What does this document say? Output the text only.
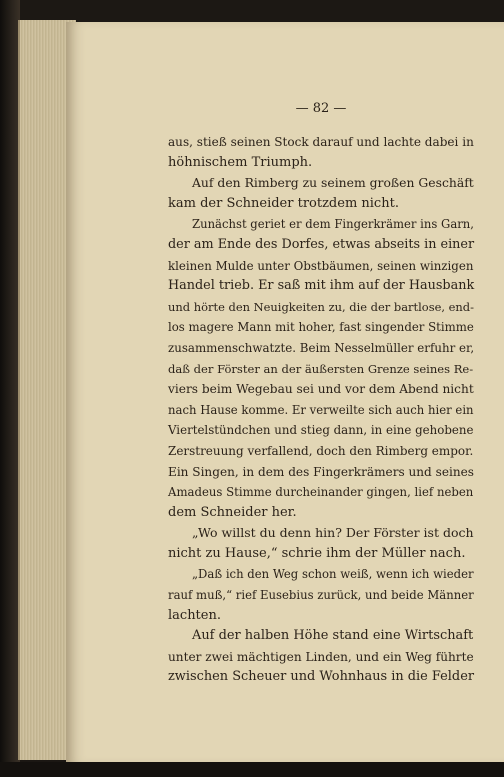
— 82 —
aus, stieß seinen Stock darauf und lachte dabei in
höhnischem Triumph.
Auf den Rimberg zu seinem großen Geschäft
kam der Schneider trotzdem nicht.
Zunächst geriet er dem Fingerkrämer ins Garn,
der am Ende des Dorfes, etwas abseits in einer
kleinen Mulde unter Obstbäumen, seinen winzigen
Handel trieb. Er saß mit ihm auf der Hausbank
und hörte den Neuigkeiten zu, die der bartlose, end-
los magere Mann mit hoher, fast singender Stimme
zusammenschwatzte. Beim Nesselmüller erfuhr er,
daß der Förster an der äußersten Grenze seines Re-
viers beim Wegebau sei und vor dem Abend nicht
nach Hause komme. Er verweilte sich auch hier ein
Viertelstündchen und stieg dann, in eine gehobene
Zerstreuung verfallend, doch den Rimberg empor.
Ein Singen, in dem des Fingerkrämers und seines
Amadeus Stimme durcheinander gingen, lief neben
dem Schneider her.
„Wo willst du denn hin? Der Förster ist doch
nicht zu Hause,“ schrie ihm der Müller nach.
„Daß ich den Weg schon weiß, wenn ich wieder
rauf muß,“ rief Eusebius zurück, und beide Männer
lachten.
Auf der halben Höhe stand eine Wirtschaft
unter zwei mächtigen Linden, und ein Weg führte
zwischen Scheuer und Wohnhaus in die Felder
